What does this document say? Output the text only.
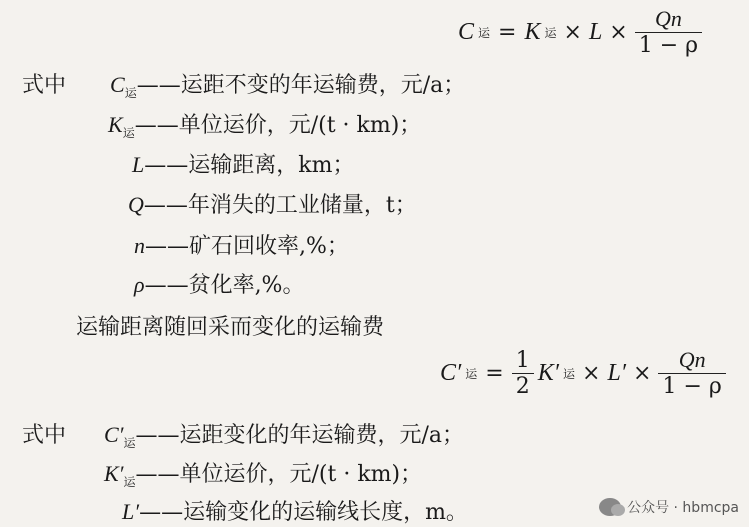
C 运 = K 运 × $L \times \frac{Qn}{1 - \rho}$
式中 $C_运——$运距不变的年运输费，元/a；
$K_运——$单位运价，元/(t · km)；
L——运输距离，km；
Q——年消失的工业储量，t；
n——矿石回收率,%；
ρ——贫化率,%。
运输距离随回采而变化的运输费
C′ 运 = $\frac{1}{2} K'$ 运 × $L' \times \frac{Qn}{1 - \rho}$
式中 $C'_运——$运距变化的年运输费，元/a；
$K'_运——$单位运价，元/(t · km)；
L′——运输变化的运输线长度，m。	公众号 · hbmcpa
